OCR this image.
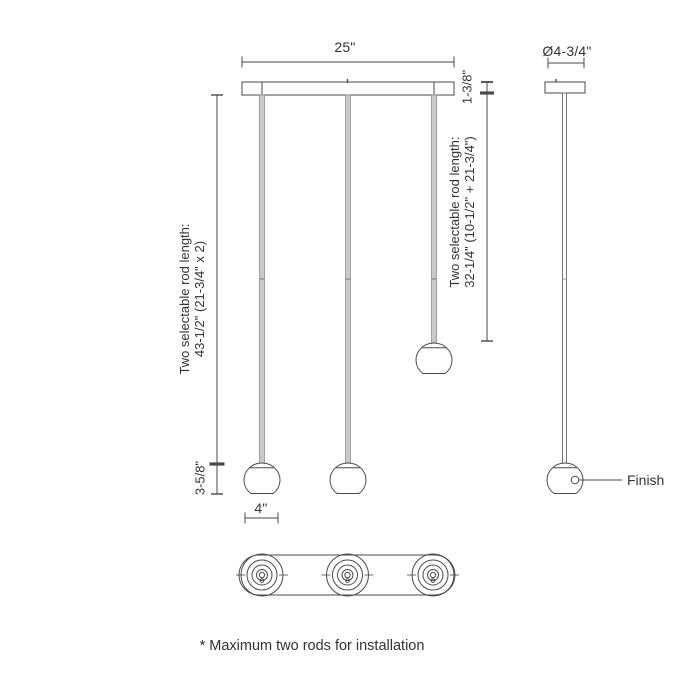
25"	Ø4-3/4"
1-3/8"
Two selectable rod length: 43-1/2" (21-3/4" x 2)
Two selectable rod length: 32-1/4" (10-1/2" + 21-3/4")
3-5/8"
4"
Finish
* Maximum two rods for installation
